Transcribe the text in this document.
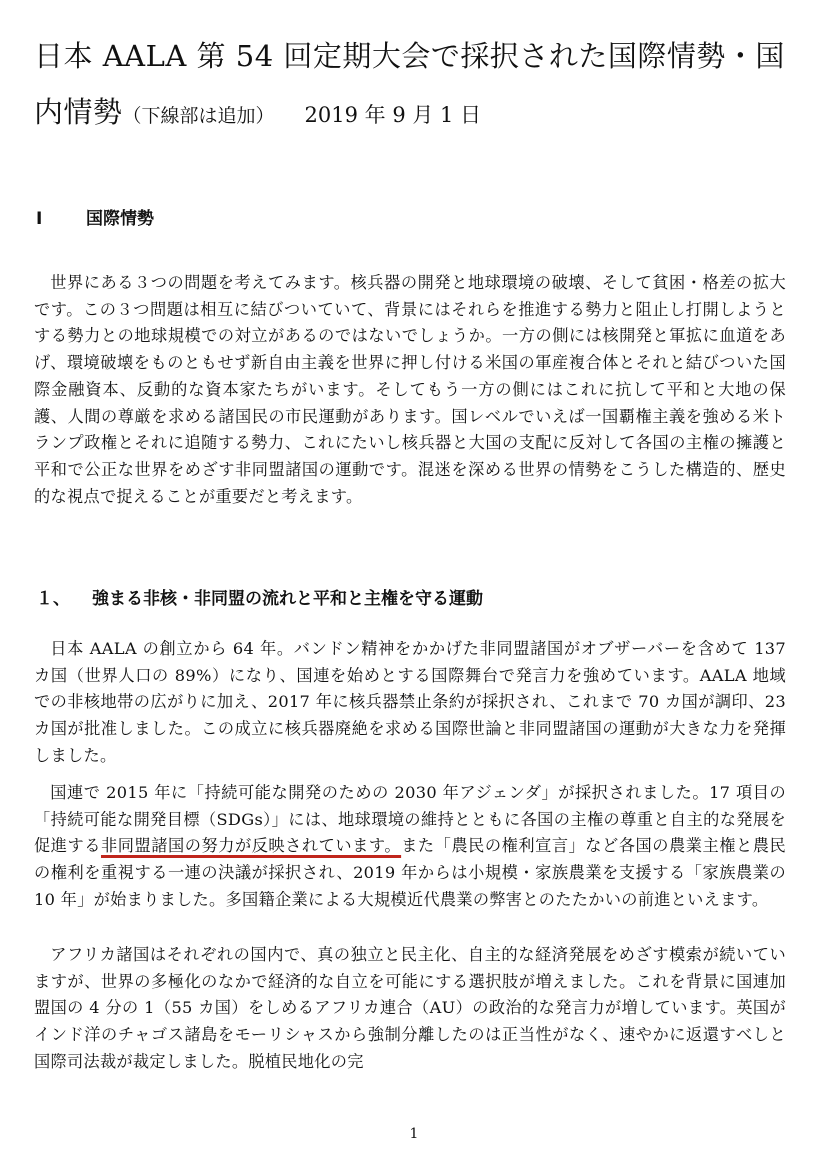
日本 AALA 第 54 回定期大会で採択された国際情勢・国内情勢（下線部は追加） 2019 年 9 月 1 日
Ⅰ	国際情勢

世界にある３つの問題を考えてみます。核兵器の開発と地球環境の破壊、そして貧困・格差の拡大です。この３つ問題は相互に結びついていて、背景にはそれらを推進する勢力と阻止し打開しようとする勢力との地球規模での対立があるのではないでしょうか。一方の側には核開発と軍拡に血道をあげ、環境破壊をものともせず新自由主義を世界に押し付ける米国の軍産複合体とそれと結びついた国際金融資本、反動的な資本家たちがいます。そしてもう一方の側にはこれに抗して平和と大地の保護、人間の尊厳を求める諸国民の市民運動があります。国レベルでいえば一国覇権主義を強める米トランプ政権とそれに追随する勢力、これにたいし核兵器と大国の支配に反対して各国の主権の擁護と平和で公正な世界をめざす非同盟諸国の運動です。混迷を深める世界の情勢をこうした構造的、歴史的な視点で捉えることが重要だと考えます。

１、 強まる非核・非同盟の流れと平和と主権を守る運動

日本 AALA の創立から 64 年。バンドン精神をかかげた非同盟諸国がオブザーバーを含めて 137 カ国（世界人口の 89%）になり、国連を始めとする国際舞台で発言力を強めています。AALA 地域での非核地帯の広がりに加え、2017 年に核兵器禁止条約が採択され、これまで 70 カ国が調印、23 カ国が批准しました。この成立に核兵器廃絶を求める国際世論と非同盟諸国の運動が大きな力を発揮しました。

国連で 2015 年に「持続可能な開発のための 2030 年アジェンダ」が採択されました。17 項目の「持続可能な開発目標（SDGs）」には、地球環境の維持とともに各国の主権の尊重と自主的な発展を促進する非同盟諸国の努力が反映されています。また「農民の権利宣言」など各国の農業主権と農民の権利を重視する一連の決議が採択され、2019 年からは小規模・家族農業を支援する「家族農業の 10 年」が始まりました。多国籍企業による大規模近代農業の弊害とのたたかいの前進といえます。

アフリカ諸国はそれぞれの国内で、真の独立と民主化、自主的な経済発展をめざす模索が続いていますが、世界の多極化のなかで経済的な自立を可能にする選択肢が増えました。これを背景に国連加盟国の 4 分の 1（55 カ国）をしめるアフリカ連合（AU）の政治的な発言力が増しています。英国がインド洋のチャゴス諸島をモーリシャスから強制分離したのは正当性がなく、速やかに返還すべしと国際司法裁が裁定しました。脱植民地化の完

1
